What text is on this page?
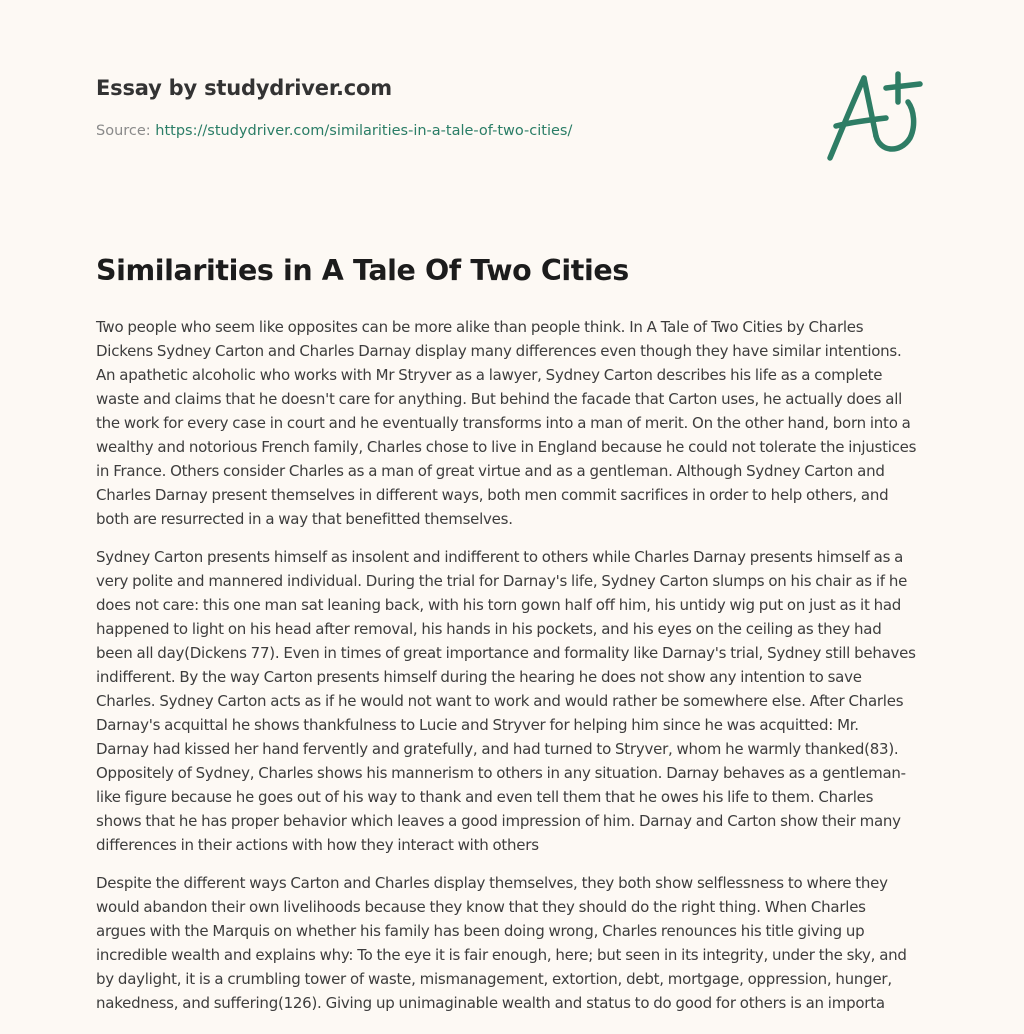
Essay by studydriver.com
Source: https://studydriver.com/similarities-in-a-tale-of-two-cities/
Similarities in A Tale Of Two Cities

Two people who seem like opposites can be more alike than people think. In A Tale of Two Cities by Charles
Dickens Sydney Carton and Charles Darnay display many differences even though they have similar intentions.
An apathetic alcoholic who works with Mr Stryver as a lawyer, Sydney Carton describes his life as a complete
waste and claims that he doesn't care for anything. But behind the facade that Carton uses, he actually does all
the work for every case in court and he eventually transforms into a man of merit. On the other hand, born into a
wealthy and notorious French family, Charles chose to live in England because he could not tolerate the injustices
in France. Others consider Charles as a man of great virtue and as a gentleman. Although Sydney Carton and
Charles Darnay present themselves in different ways, both men commit sacrifices in order to help others, and
both are resurrected in a way that benefitted themselves.

Sydney Carton presents himself as insolent and indifferent to others while Charles Darnay presents himself as a
very polite and mannered individual. During the trial for Darnay's life, Sydney Carton slumps on his chair as if he
does not care: this one man sat leaning back, with his torn gown half off him, his untidy wig put on just as it had
happened to light on his head after removal, his hands in his pockets, and his eyes on the ceiling as they had
been all day(Dickens 77). Even in times of great importance and formality like Darnay's trial, Sydney still behaves
indifferent. By the way Carton presents himself during the hearing he does not show any intention to save
Charles. Sydney Carton acts as if he would not want to work and would rather be somewhere else. After Charles
Darnay's acquittal he shows thankfulness to Lucie and Stryver for helping him since he was acquitted: Mr.
Darnay had kissed her hand fervently and gratefully, and had turned to Stryver, whom he warmly thanked(83).
Oppositely of Sydney, Charles shows his mannerism to others in any situation. Darnay behaves as a gentleman-
like figure because he goes out of his way to thank and even tell them that he owes his life to them. Charles
shows that he has proper behavior which leaves a good impression of him. Darnay and Carton show their many
differences in their actions with how they interact with others

Despite the different ways Carton and Charles display themselves, they both show selflessness to where they
would abandon their own livelihoods because they know that they should do the right thing. When Charles
argues with the Marquis on whether his family has been doing wrong, Charles renounces his title giving up
incredible wealth and explains why: To the eye it is fair enough, here; but seen in its integrity, under the sky, and
by daylight, it is a crumbling tower of waste, mismanagement, extortion, debt, mortgage, oppression, hunger,
nakedness, and suffering(126). Giving up unimaginable wealth and status to do good for others is an importa
